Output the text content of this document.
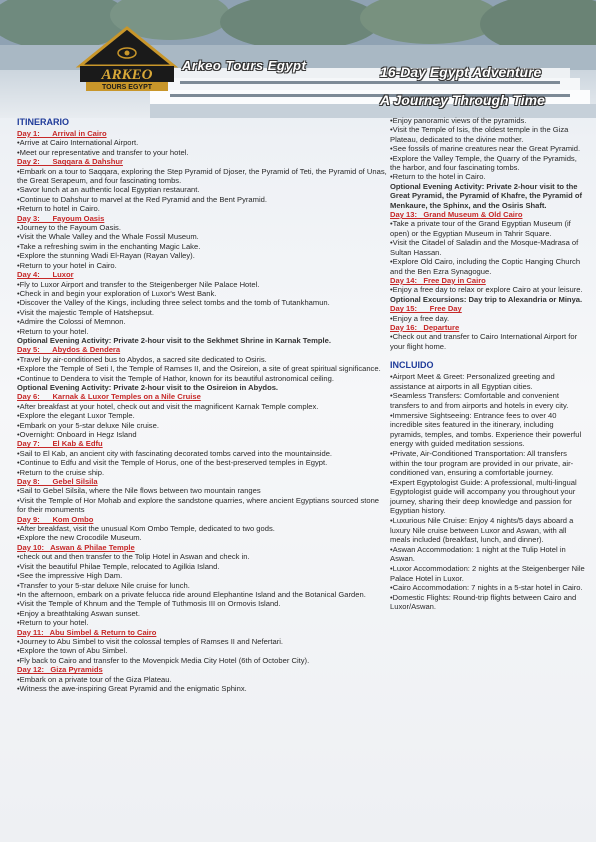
ARKEO
TOURS EGYPT
Arkeo Tours Egypt	16-Day Egypt Adventure
A Journey Through Time
ITINERARIO
Day 1:      Arrival in Cairo
•Arrive at Cairo International Airport.
•Meet our representative and transfer to your hotel.
Day 2:      Saqqara & Dahshur
•Embark on a tour to Saqqara, exploring the Step Pyramid of Djoser, the Pyramid of Teti, the Pyramid of Unas, the Great Serapeum, and four fascinating tombs.
•Savor lunch at an authentic local Egyptian restaurant.
•Continue to Dahshur to marvel at the Red Pyramid and the Bent Pyramid.
•Return to hotel in Cairo.
Day 3:      Fayoum Oasis
•Journey to the Fayoum Oasis.
•Visit the Whale Valley and the Whale Fossil Museum.
•Take a refreshing swim in the enchanting Magic Lake.
•Explore the stunning Wadi El-Rayan (Rayan Valley).
•Return to your hotel in Cairo.
Day 4:      Luxor
•Fly to Luxor Airport and transfer to the Steigenberger Nile Palace Hotel.
•Check in and begin your exploration of Luxor's West Bank.
•Discover the Valley of the Kings, including three select tombs and the tomb of Tutankhamun.
•Visit the majestic Temple of Hatshepsut.
•Admire the Colossi of Memnon.
•Return to your hotel.
Optional Evening Activity: Private 2-hour visit to the Sekhmet Shrine in Karnak Temple.
Day 5:      Abydos & Dendera
•Travel by air-conditioned bus to Abydos, a sacred site dedicated to Osiris.
•Explore the Temple of Seti I, the Temple of Ramses II, and the Osireion, a site of great spiritual significance.
•Continue to Dendera to visit the Temple of Hathor, known for its beautiful astronomical ceiling.
Optional Evening Activity: Private 2-hour visit to the Osireion in Abydos.
Day 6:      Karnak & Luxor Temples on a Nile Cruise
•After breakfast at your hotel, check out and visit the magnificent Karnak Temple complex.
•Explore the elegant Luxor Temple.
•Embark on your 5-star deluxe Nile cruise.
•Overnight: Onboard in Hegz Island
Day 7:      El Kab & Edfu
•Sail to El Kab, an ancient city with fascinating decorated tombs carved into the mountainside.
•Continue to Edfu and visit the Temple of Horus, one of the best-preserved temples in Egypt.
•Return to the cruise ship.
Day 8:      Gebel Silsila
•Sail to Gebel Silsila, where the Nile flows between two mountain ranges
•Visit the Temple of Hor Mohab and explore the sandstone quarries, where ancient Egyptians sourced stone for their monuments
Day 9:      Kom Ombo
•After breakfast, visit the unusual Kom Ombo Temple, dedicated to two gods.
•Explore the new Crocodile Museum.
Day 10:   Aswan & Philae Temple
•check out and then transfer to the Tolip Hotel in Aswan and check in.
•Visit the beautiful Philae Temple, relocated to Agilkia Island.
•See the impressive High Dam.
•Transfer to your 5-star deluxe Nile cruise for lunch.
•In the afternoon, embark on a private felucca ride around Elephantine Island and the Botanical Garden.
•Visit the Temple of Khnum and the Temple of Tuthmosis III on Ormovis Island.
•Enjoy a breathtaking Aswan sunset.
•Return to your hotel.
Day 11:   Abu Simbel & Return to Cairo
•Journey to Abu Simbel to visit the colossal temples of Ramses II and Nefertari.
•Explore the town of Abu Simbel.
•Fly back to Cairo and transfer to the Movenpick Media City Hotel (6th of October City).
Day 12:   Giza Pyramids
•Embark on a private tour of the Giza Plateau.
•Witness the awe-inspiring Great Pyramid and the enigmatic Sphinx.
•Enjoy panoramic views of the pyramids.
•Visit the Temple of Isis, the oldest temple in the Giza Plateau, dedicated to the divine mother.
•See fossils of marine creatures near the Great Pyramid.
•Explore the Valley Temple, the Quarry of the Pyramids, the harbor, and four fascinating tombs.
•Return to the hotel in Cairo.
Optional Evening Activity: Private 2-hour visit to the Great Pyramid, the Pyramid of Khafre, the Pyramid of Menkaure, the Sphinx, and the Osiris Shaft.
Day 13:   Grand Museum & Old Cairo
•Take a private tour of the Grand Egyptian Museum (if open) or the Egyptian Museum in Tahrir Square.
•Visit the Citadel of Saladin and the Mosque-Madrasa of Sultan Hassan.
•Explore Old Cairo, including the Coptic Hanging Church and the Ben Ezra Synagogue.
Day 14:   Free Day in Cairo
•Enjoy a free day to relax or explore Cairo at your leisure.
Optional Excursions: Day trip to Alexandria or Minya.
Day 15:      Free Day
•Enjoy a free day.
Day 16:   Departure
•Check out and transfer to Cairo International Airport for your flight home.
INCLUIDO
•Airport Meet & Greet: Personalized greeting and assistance at airports in all Egyptian cities.
•Seamless Transfers: Comfortable and convenient transfers to and from airports and hotels in every city.
•Immersive Sightseeing: Entrance fees to over 40 incredible sites featured in the itinerary, including pyramids, temples, and tombs. Experience their powerful energy with guided meditation sessions.
•Private, Air-Conditioned Transportation: All transfers within the tour program are provided in our private, air-conditioned van, ensuring a comfortable journey.
•Expert Egyptologist Guide: A professional, multi-lingual Egyptologist guide will accompany you throughout your journey, sharing their deep knowledge and passion for Egyptian history.
•Luxurious Nile Cruise: Enjoy 4 nights/5 days aboard a luxury Nile cruise between Luxor and Aswan, with all meals included (breakfast, lunch, and dinner).
•Aswan Accommodation: 1 night at the Tulip Hotel in Aswan.
•Luxor Accommodation: 2 nights at the Steigenberger Nile Palace Hotel in Luxor.
•Cairo Accommodation: 7 nights in a 5-star hotel in Cairo.
•Domestic Flights: Round-trip flights between Cairo and Luxor/Aswan.
